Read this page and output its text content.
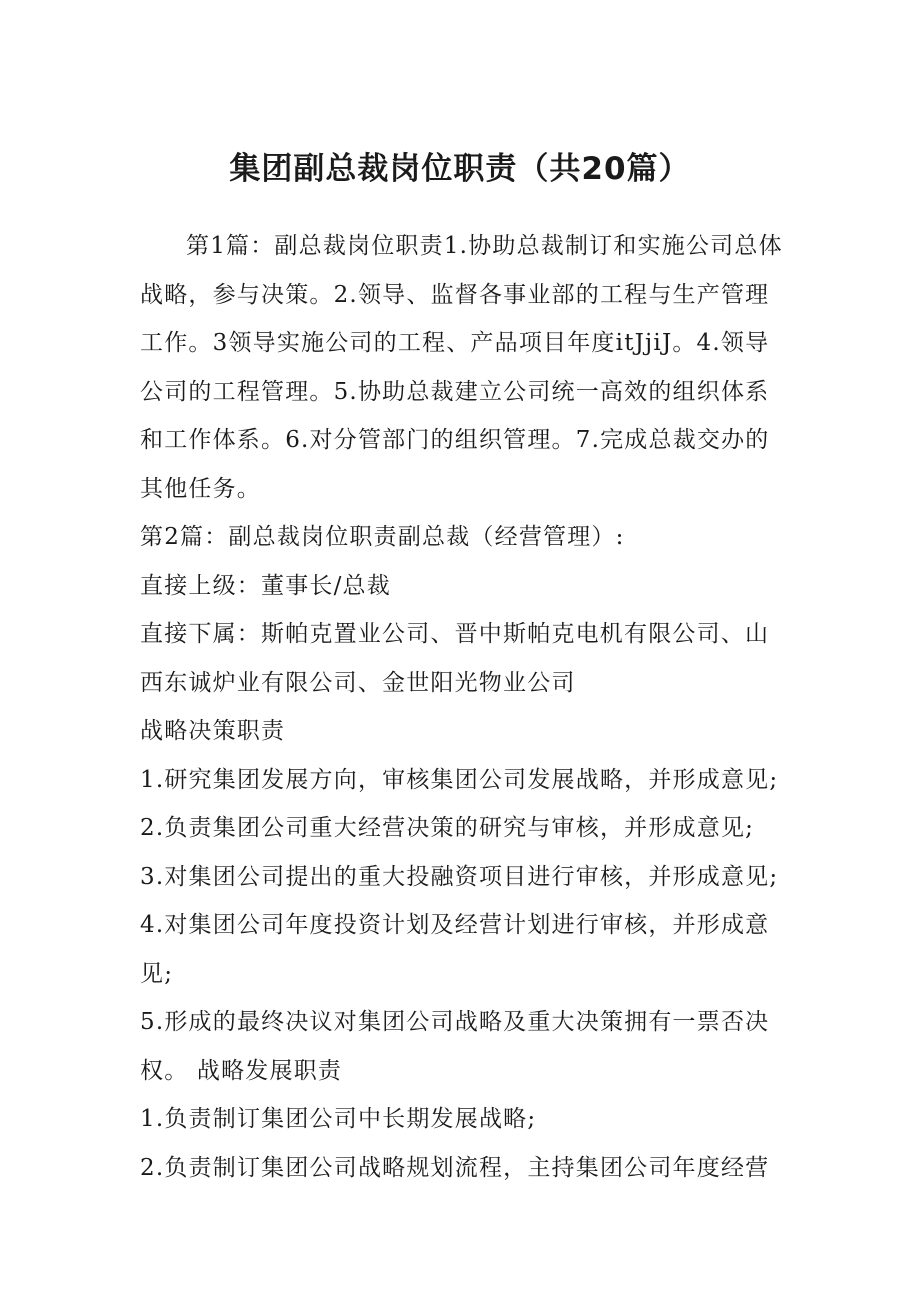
集团副总裁岗位职责（共20篇）

第1篇：副总裁岗位职责1.协助总裁制订和实施公司总体战略，参与决策。2.领导、监督各事业部的工程与生产管理工作。3领导实施公司的工程、产品项目年度itJjiJ。4.领导公司的工程管理。5.协助总裁建立公司统一高效的组织体系和工作体系。6.对分管部门的组织管理。7.完成总裁交办的其他任务。

第2篇：副总裁岗位职责副总裁（经营管理）:

直接上级：董事长/总裁

直接下属：斯帕克置业公司、晋中斯帕克电机有限公司、山西东诚炉业有限公司、金世阳光物业公司

战略决策职责

1.研究集团发展方向，审核集团公司发展战略，并形成意见;

2.负责集团公司重大经营决策的研究与审核，并形成意见;

3.对集团公司提出的重大投融资项目进行审核，并形成意见;

4.对集团公司年度投资计划及经营计划进行审核，并形成意见;

5.形成的最终决议对集团公司战略及重大决策拥有一票否决权。 战略发展职责

1.负责制订集团公司中长期发展战略;

2.负责制订集团公司战略规划流程，主持集团公司年度经营
